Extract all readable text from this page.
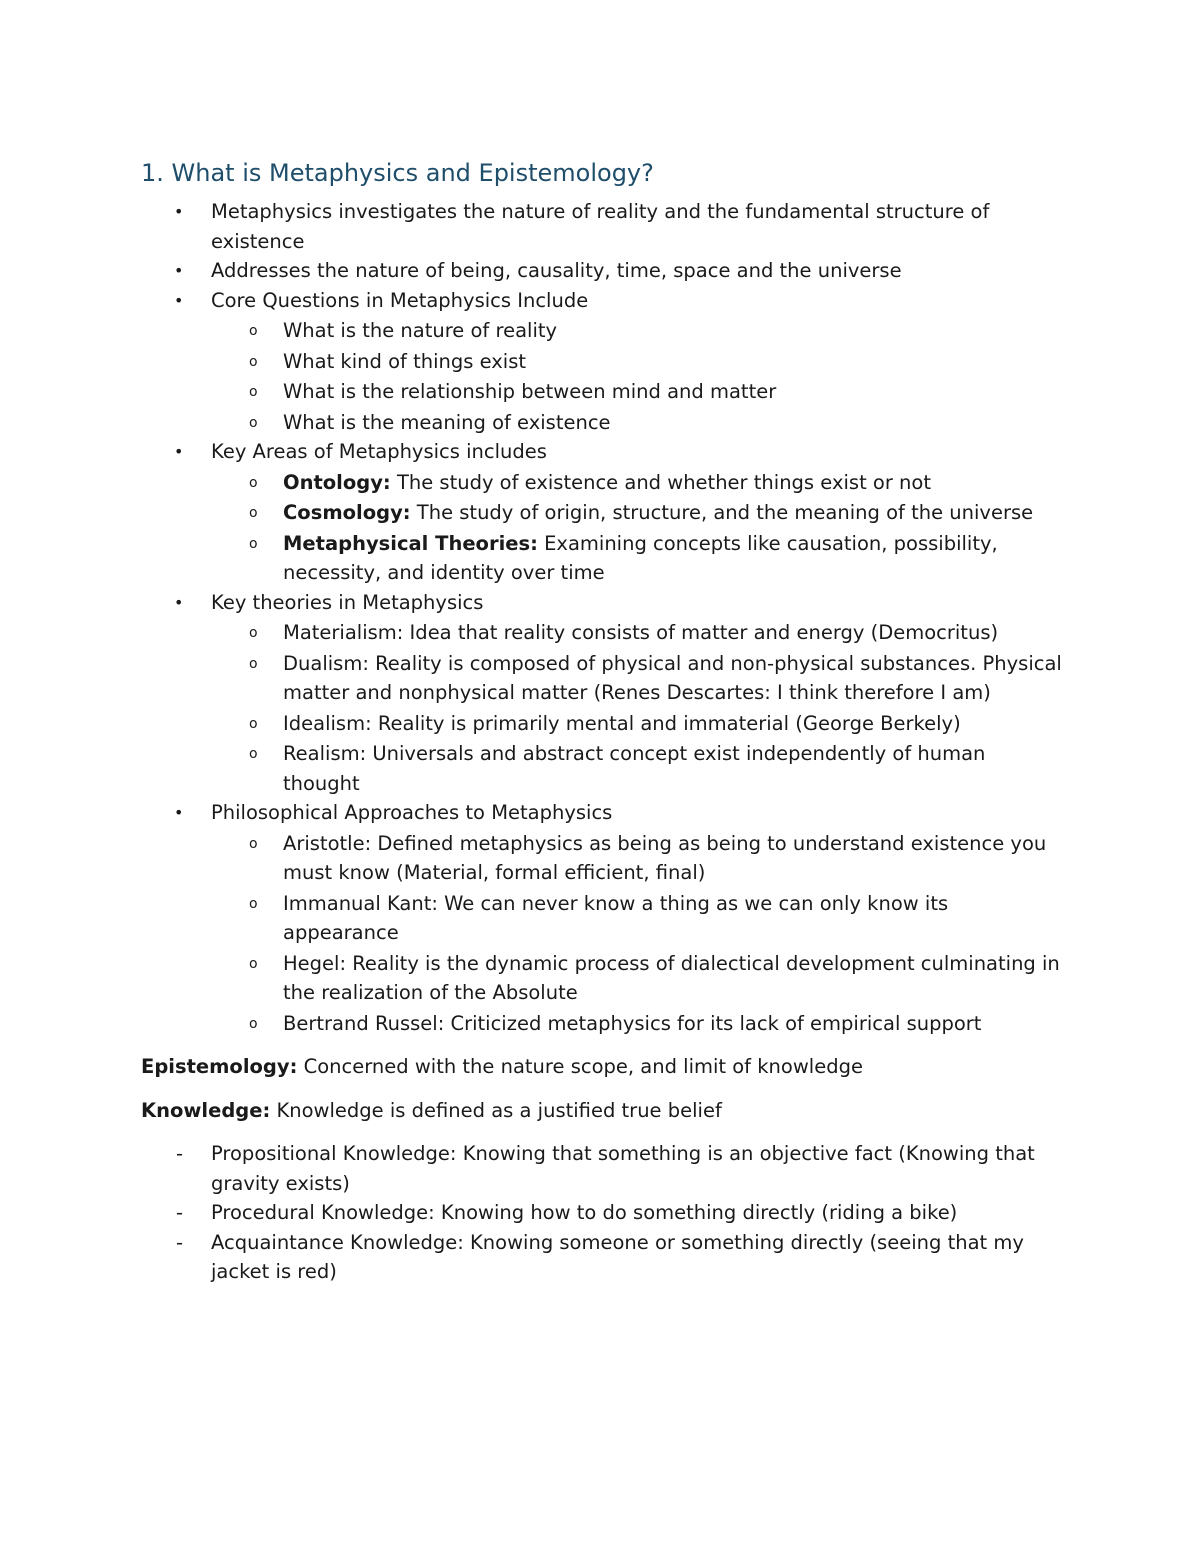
1. What is Metaphysics and Epistemology?
• Metaphysics investigates the nature of reality and the fundamental structure of existence
• Addresses the nature of being, causality, time, space and the universe
• Core Questions in Metaphysics Include
o What is the nature of reality
o What kind of things exist
o What is the relationship between mind and matter
o What is the meaning of existence
• Key Areas of Metaphysics includes
o Ontology: The study of existence and whether things exist or not
o Cosmology: The study of origin, structure, and the meaning of the universe
o Metaphysical Theories: Examining concepts like causation, possibility, necessity, and identity over time
• Key theories in Metaphysics
o Materialism: Idea that reality consists of matter and energy (Democritus)
o Dualism: Reality is composed of physical and non-physical substances. Physical matter and nonphysical matter (Renes Descartes: I think therefore I am)
o Idealism: Reality is primarily mental and immaterial (George Berkely)
o Realism: Universals and abstract concept exist independently of human thought
• Philosophical Approaches to Metaphysics
o Aristotle: Defined metaphysics as being as being to understand existence you must know (Material, formal efficient, final)
o Immanual Kant: We can never know a thing as we can only know its appearance
o Hegel: Reality is the dynamic process of dialectical development culminating in the realization of the Absolute
o Bertrand Russel: Criticized metaphysics for its lack of empirical support
Epistemology: Concerned with the nature scope, and limit of knowledge
Knowledge: Knowledge is defined as a justified true belief
- Propositional Knowledge: Knowing that something is an objective fact (Knowing that gravity exists)
- Procedural Knowledge: Knowing how to do something directly (riding a bike)
- Acquaintance Knowledge: Knowing someone or something directly (seeing that my jacket is red)
